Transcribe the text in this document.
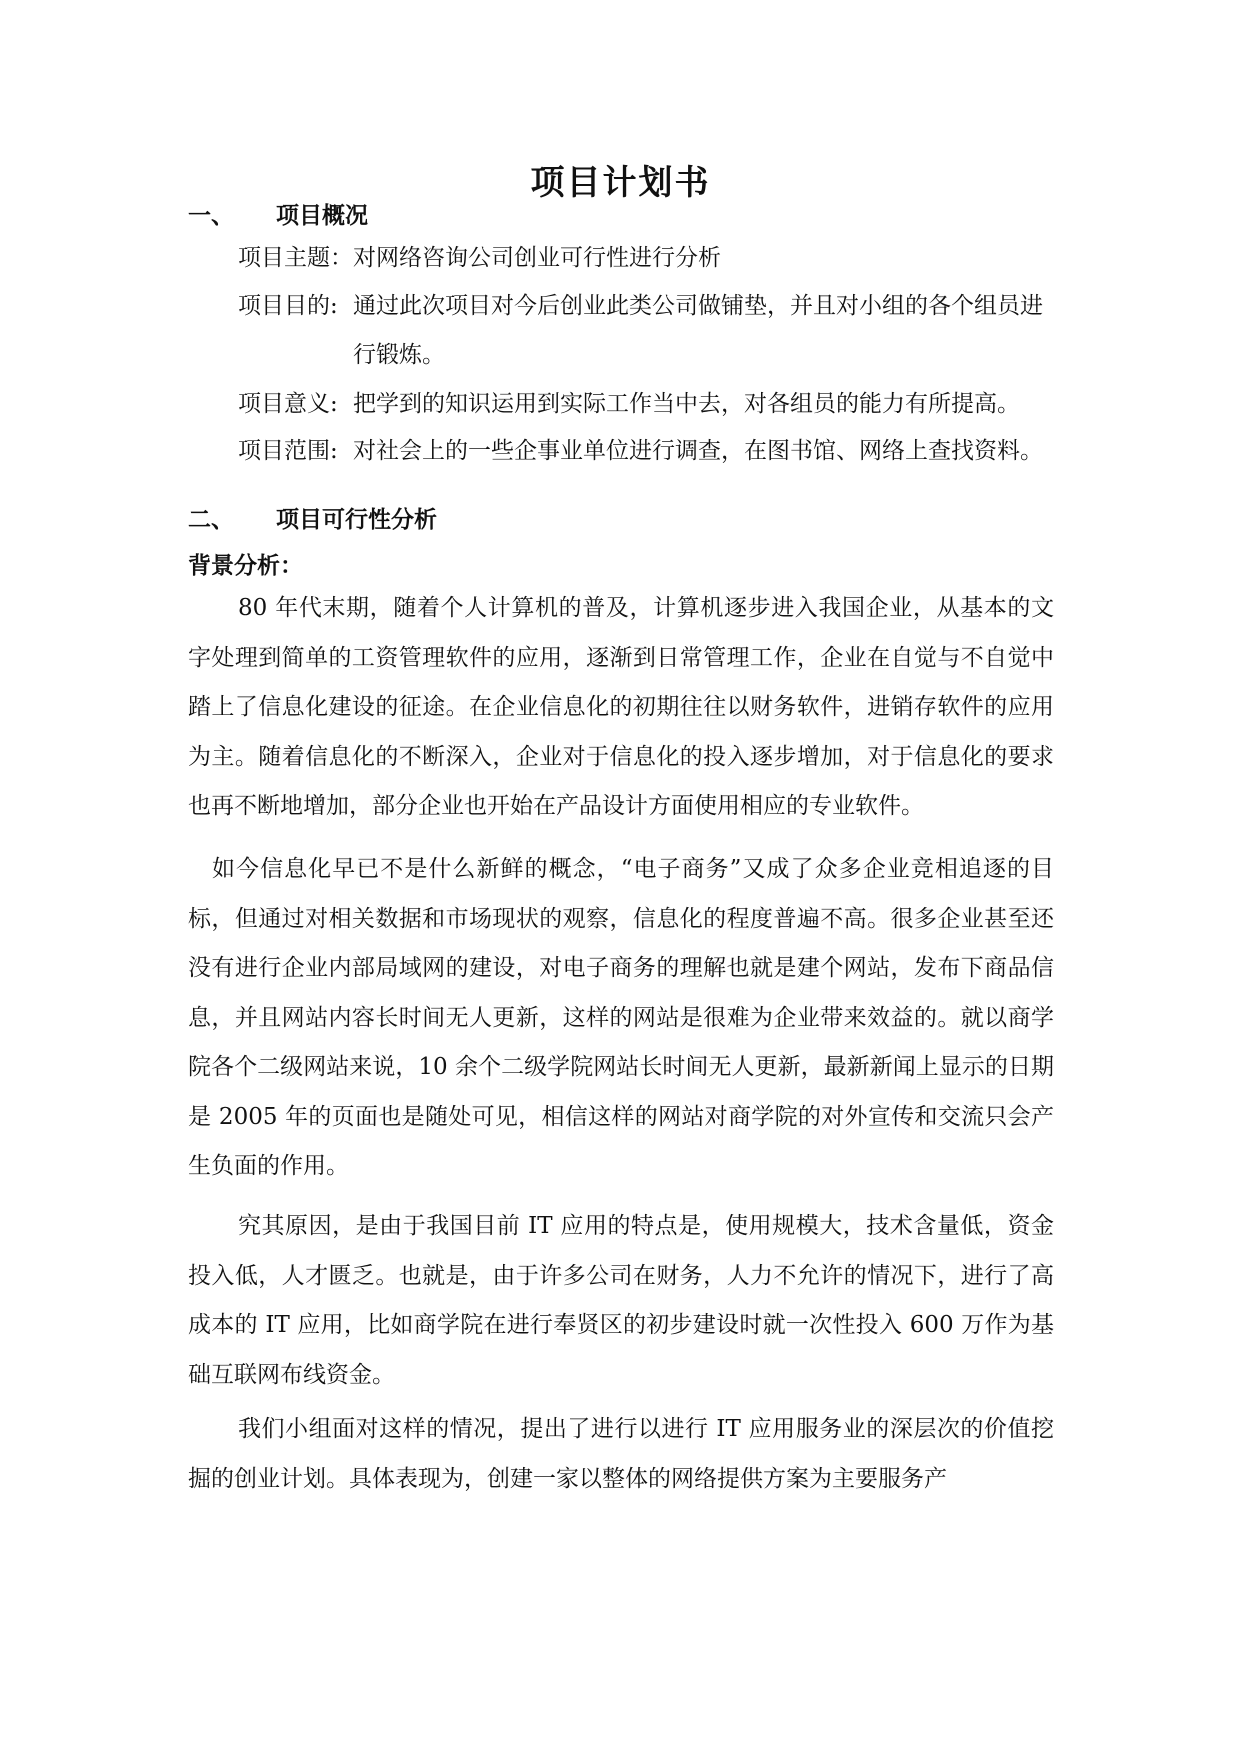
项目计划书
一、 项目概况
项目主题： 对网络咨询公司创业可行性进行分析
项目目的: 通过此次项目对今后创业此类公司做铺垫，并且对小组的各个组员进行锻炼。
项目意义: 把学到的知识运用到实际工作当中去，对各组员的能力有所提高。
项目范围: 对社会上的一些企事业单位进行调查，在图书馆、网络上查找资料。
二、 项目可行性分析
背景分析：
80 年代末期，随着个人计算机的普及，计算机逐步进入我国企业，从基本的文字处理到简单的工资管理软件的应用，逐渐到日常管理工作，企业在自觉与不自觉中踏上了信息化建设的征途。在企业信息化的初期往往以财务软件，进销存软件的应用为主。随着信息化的不断深入，企业对于信息化的投入逐步增加，对于信息化的要求也再不断地增加，部分企业也开始在产品设计方面使用相应的专业软件。
如今信息化早已不是什么新鲜的概念，“电子商务”又成了众多企业竞相追逐的目标，但通过对相关数据和市场现状的观察，信息化的程度普遍不高。很多企业甚至还没有进行企业内部局域网的建设，对电子商务的理解也就是建个网站，发布下商品信息，并且网站内容长时间无人更新，这样的网站是很难为企业带来效益的。就以商学院各个二级网站来说，10 余个二级学院网站长时间无人更新，最新新闻上显示的日期是 2005 年的页面也是随处可见，相信这样的网站对商学院的对外宣传和交流只会产生负面的作用。
究其原因，是由于我国目前 IT 应用的特点是，使用规模大，技术含量低，资金投入低，人才匮乏。也就是，由于许多公司在财务，人力不允许的情况下，进行了高成本的 IT 应用，比如商学院在进行奉贤区的初步建设时就一次性投入 600 万作为基础互联网布线资金。
我们小组面对这样的情况，提出了进行以进行 IT 应用服务业的深层次的价值挖掘的创业计划。具体表现为，创建一家以整体的网络提供方案为主要服务产
